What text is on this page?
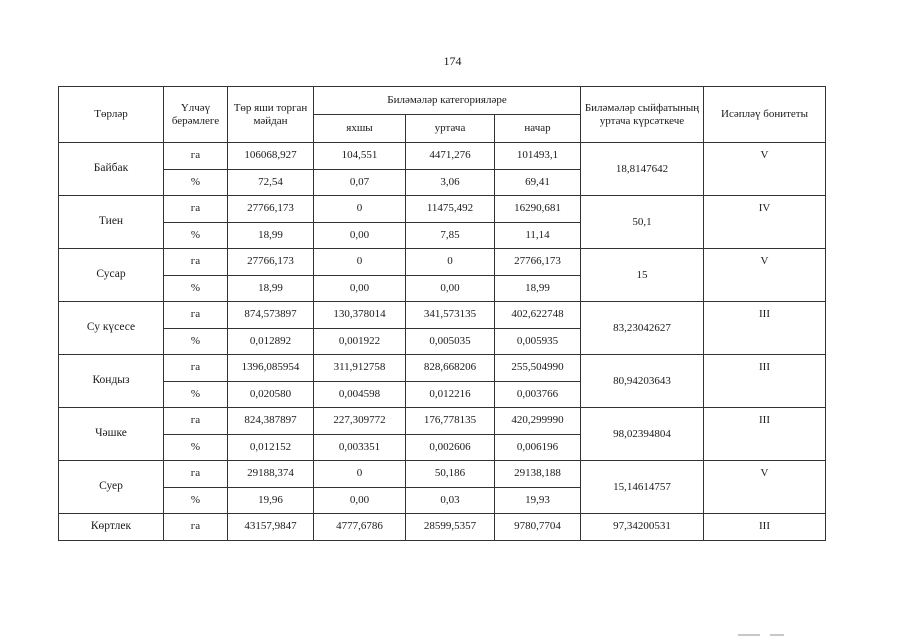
174
Төрләр	Үлчәү берәмлеге	Төр яши торган мәйдан	Биләмәләр категорияләре			Биләмәләр сыйфатының уртача күрсәткече	Исәпләү бонитеты
			яхшы	уртача	начар		
Байбак	га	106068,927	104,551	4471,276	101493,1	18,8147642	V
	%	72,54	0,07	3,06	69,41		
Тиен	га	27766,173	0	11475,492	16290,681	50,1	IV
	%	18,99	0,00	7,85	11,14		
Сусар	га	27766,173	0	0	27766,173	15	V
	%	18,99	0,00	0,00	18,99		
Су күсесе	га	874,573897	130,378014	341,573135	402,622748	83,23042627	III
	%	0,012892	0,001922	0,005035	0,005935		
Кондыз	га	1396,085954	311,912758	828,668206	255,504990	80,94203643	III
	%	0,020580	0,004598	0,012216	0,003766		
Чәшке	га	824,387897	227,309772	176,778135	420,299990	98,02394804	III
	%	0,012152	0,003351	0,002606	0,006196		
Суер	га	29188,374	0	50,186	29138,188	15,14614757	V
	%	19,96	0,00	0,03	19,93		
Көртлек	га	43157,9847	4777,6786	28599,5357	9780,7704	97,34200531	III
